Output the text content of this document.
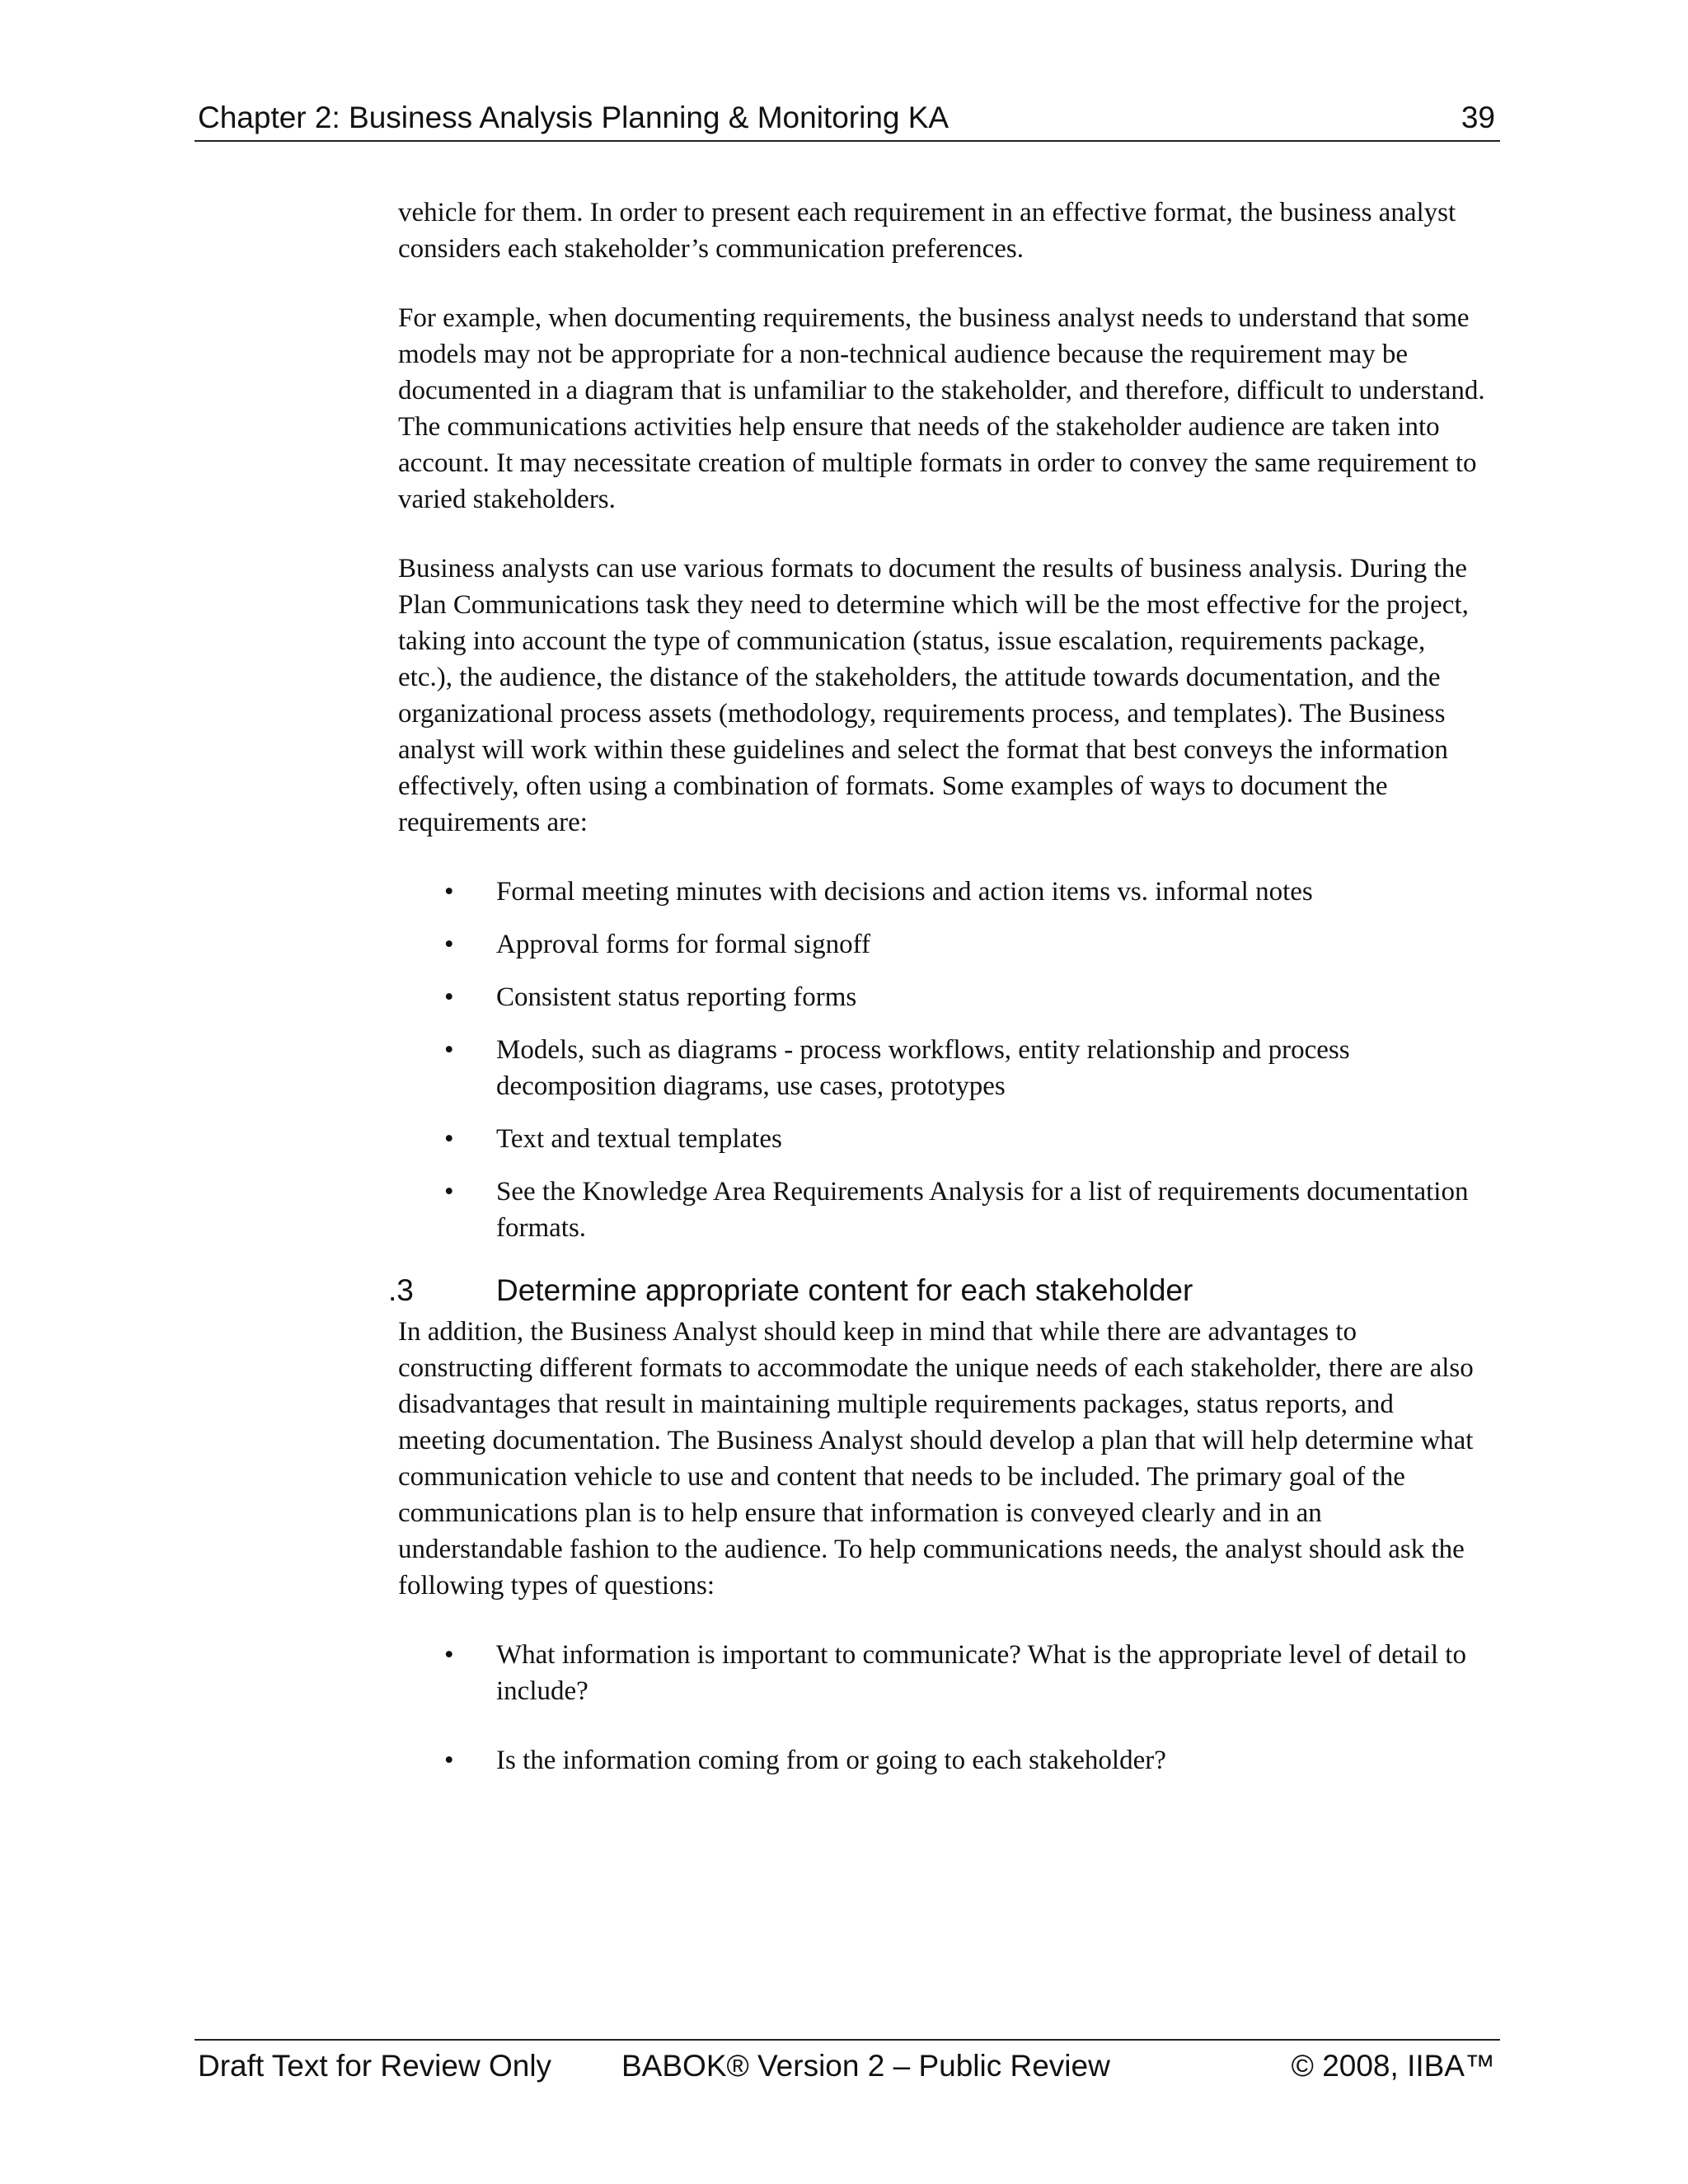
Chapter 2: Business Analysis Planning & Monitoring KA	39

vehicle for them. In order to present each requirement in an effective format, the business analyst considers each stakeholder’s communication preferences.

For example, when documenting requirements, the business analyst needs to understand that some models may not be appropriate for a non-technical audience because the requirement may be documented in a diagram that is unfamiliar to the stakeholder, and therefore, difficult to understand. The communications activities help ensure that needs of the stakeholder audience are taken into account. It may necessitate creation of multiple formats in order to convey the same requirement to varied stakeholders.

Business analysts can use various formats to document the results of business analysis. During the Plan Communications task they need to determine which will be the most effective for the project, taking into account the type of communication (status, issue escalation, requirements package, etc.), the audience, the distance of the stakeholders, the attitude towards documentation, and the organizational process assets (methodology, requirements process, and templates). The Business analyst will work within these guidelines and select the format that best conveys the information effectively, often using a combination of formats. Some examples of ways to document the requirements are:

• Formal meeting minutes with decisions and action items vs. informal notes
• Approval forms for formal signoff
• Consistent status reporting forms
• Models, such as diagrams - process workflows, entity relationship and process decomposition diagrams, use cases, prototypes
• Text and textual templates
• See the Knowledge Area Requirements Analysis for a list of requirements documentation formats.
.3	Determine appropriate content for each stakeholder

In addition, the Business Analyst should keep in mind that while there are advantages to constructing different formats to accommodate the unique needs of each stakeholder, there are also disadvantages that result in maintaining multiple requirements packages, status reports, and meeting documentation. The Business Analyst should develop a plan that will help determine what communication vehicle to use and content that needs to be included. The primary goal of the communications plan is to help ensure that information is conveyed clearly and in an understandable fashion to the audience. To help communications needs, the analyst should ask the following types of questions:

• What information is important to communicate? What is the appropriate level of detail to include?
• Is the information coming from or going to each stakeholder?
Draft Text for Review Only BABOK® Version 2 – Public Review	© 2008, IIBA™
